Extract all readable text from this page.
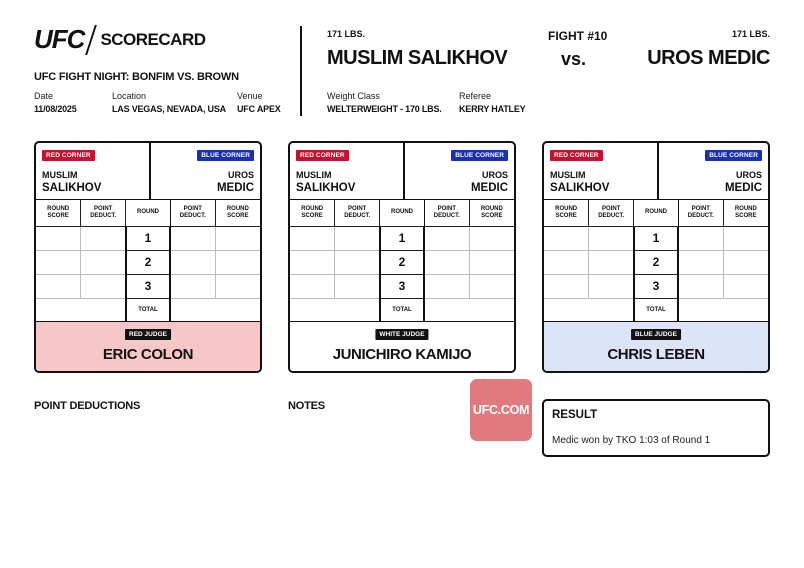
UFC SCORECARD
UFC FIGHT NIGHT: BONFIM VS. BROWN
Date
11/08/2025
Location
LAS VEGAS, NEVADA, USA
Venue
UFC APEX
171 LBS.
MUSLIM SALIKHOV
FIGHT #10
vs.
171 LBS.
UROS MEDIC
Weight Class
WELTERWEIGHT - 170 LBS.
Referee
KERRY HATLEY
RED CORNER
MUSLIM
SALIKHOV
BLUE CORNER
UROS
MEDIC
ROUND SCORE	POINT DEDUCT.	ROUND	POINT DEDUCT.	ROUND SCORE
		1		
		2		
		3		
		TOTAL		
RED JUDGE
ERIC COLON
RED CORNER
MUSLIM
SALIKHOV
BLUE CORNER
UROS
MEDIC
ROUND SCORE	POINT DEDUCT.	ROUND	POINT DEDUCT.	ROUND SCORE
		1		
		2		
		3		
		TOTAL		
WHITE JUDGE
JUNICHIRO KAMIJO
RED CORNER
MUSLIM
SALIKHOV
BLUE CORNER
UROS
MEDIC
ROUND SCORE	POINT DEDUCT.	ROUND	POINT DEDUCT.	ROUND SCORE
		1		
		2		
		3		
		TOTAL		
BLUE JUDGE
CHRIS LEBEN
POINT DEDUCTIONS	NOTES	UFC.COM RESULT
Medic won by TKO 1:03 of Round 1
